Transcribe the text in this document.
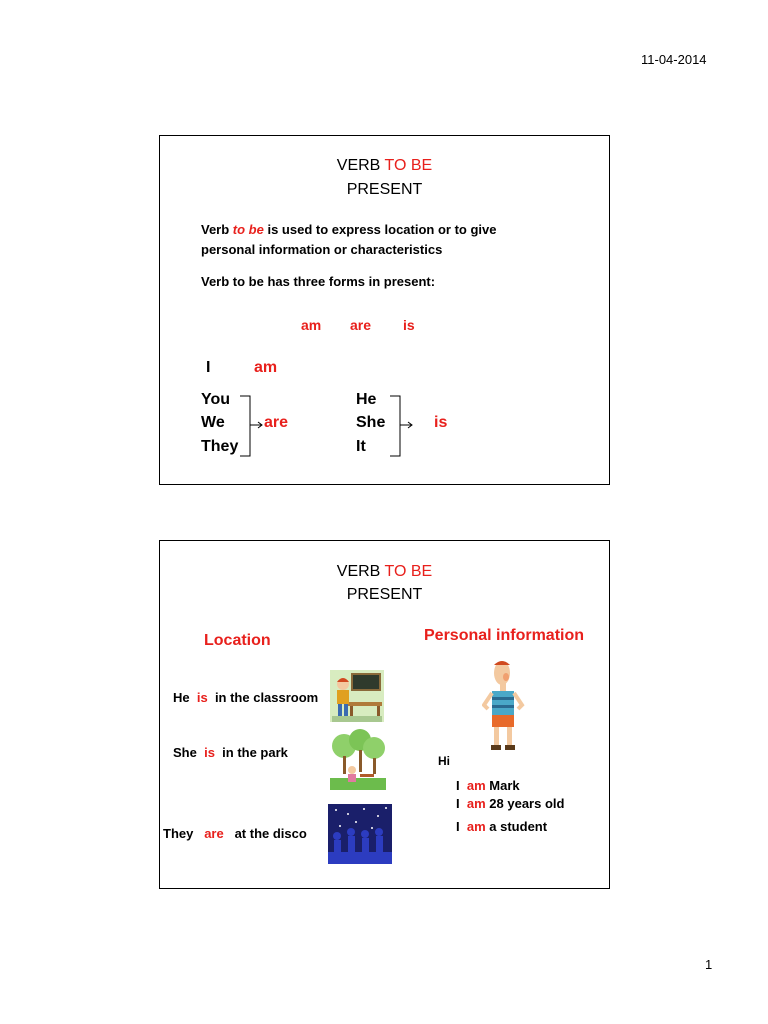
11-04-2014
VERB TO BE
PRESENT
Verb to be is used to express location or to give
personal information or characteristics
Verb to be has three forms in present:
am are is
I	am
You
We
They
are
He
She
It
is
VERB TO BE
PRESENT
Location	Personal information
He is in the classroom
She is in the park
They are at the disco
Hi
I am Mark
I am 28 years old
I am a student
1
